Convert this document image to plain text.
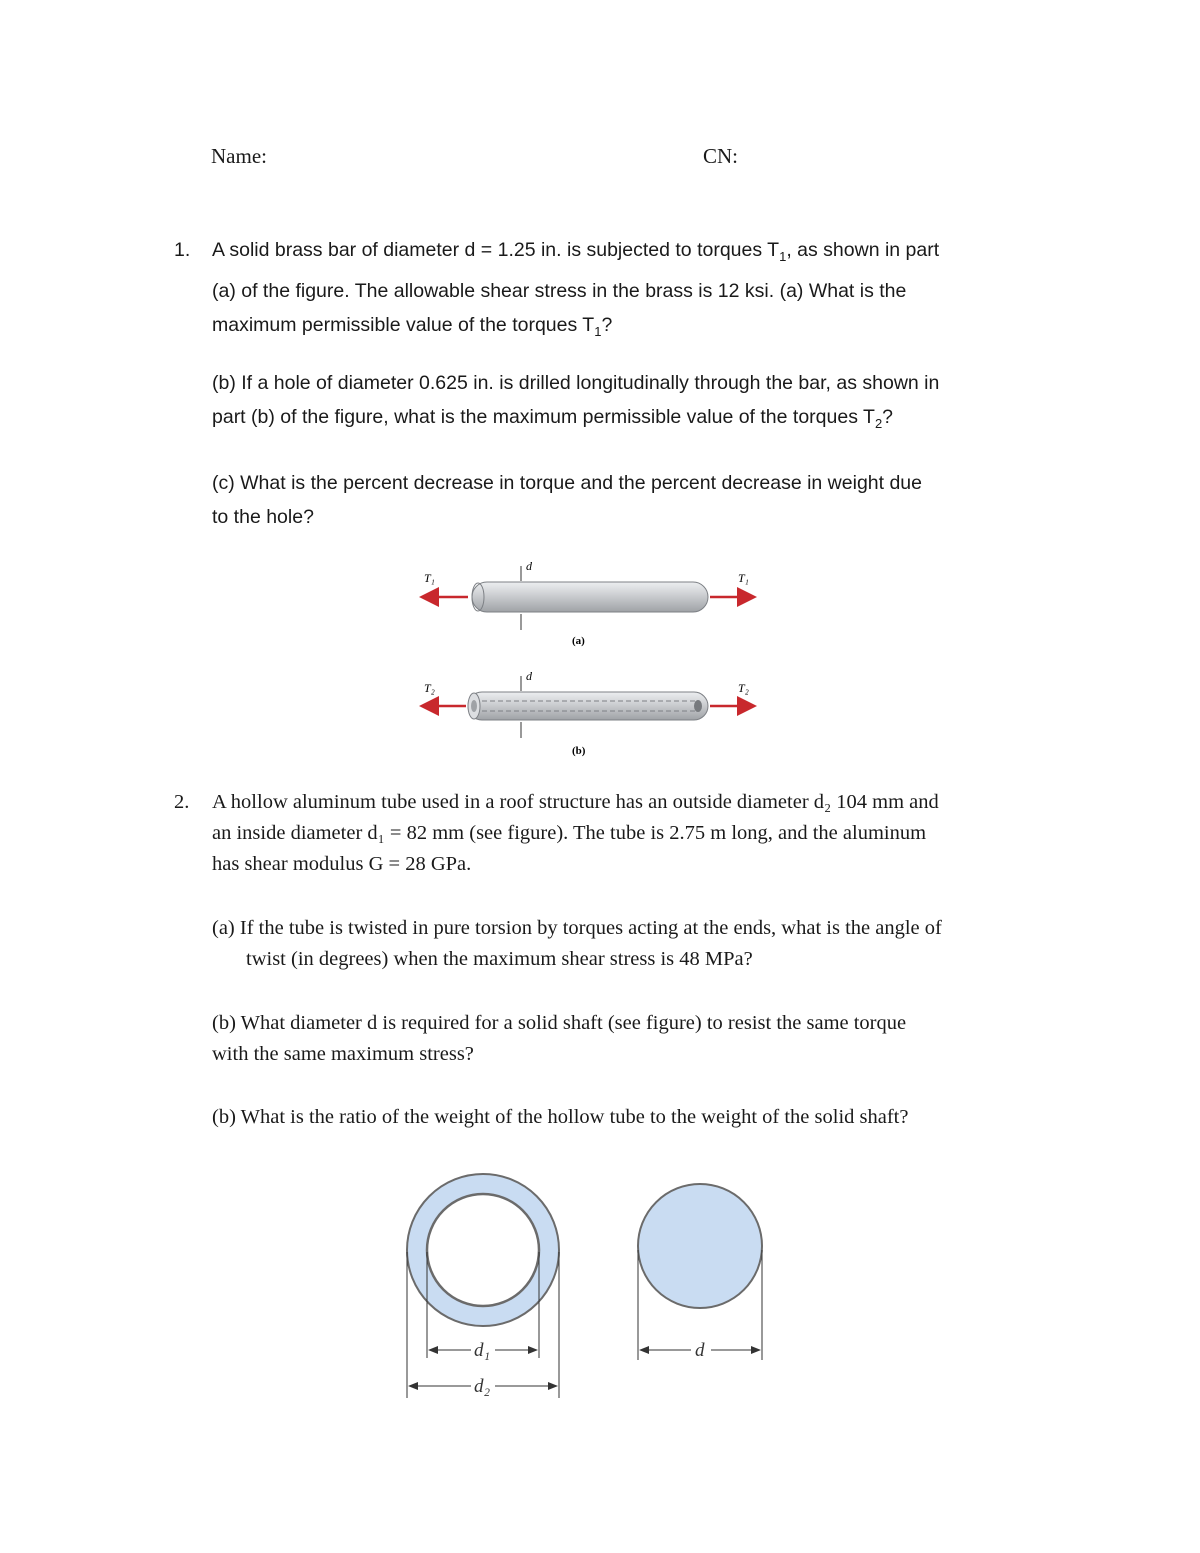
Name:	CN:
1. A solid brass bar of diameter d = 1.25 in. is subjected to torques $T_1$, as shown in part
(a) of the figure. The allowable shear stress in the brass is 12 ksi. (a) What is the
maximum permissible value of the torques $T_1$?
(b) If a hole of diameter 0.625 in. is drilled longitudinally through the bar, as shown in
part (b) of the figure, what is the maximum permissible value of the torques $T_2$?
(c) What is the percent decrease in torque and the percent decrease in weight due
to the hole?
T₁	T₁
d
(a)
T₂	T₂
d
(b)
2. A hollow aluminum tube used in a roof structure has an outside diameter d₂ 104 mm and
an inside diameter d₁ = 82 mm (see figure). The tube is 2.75 m long, and the aluminum
has shear modulus G = 28 GPa.
(a) If the tube is twisted in pure torsion by torques acting at the ends, what is the angle of
twist (in degrees) when the maximum shear stress is 48 MPa?
(b) What diameter d is required for a solid shaft (see figure) to resist the same torque
with the same maximum stress?
(b) What is the ratio of the weight of the hollow tube to the weight of the solid shaft?
d₁
d₂
d
